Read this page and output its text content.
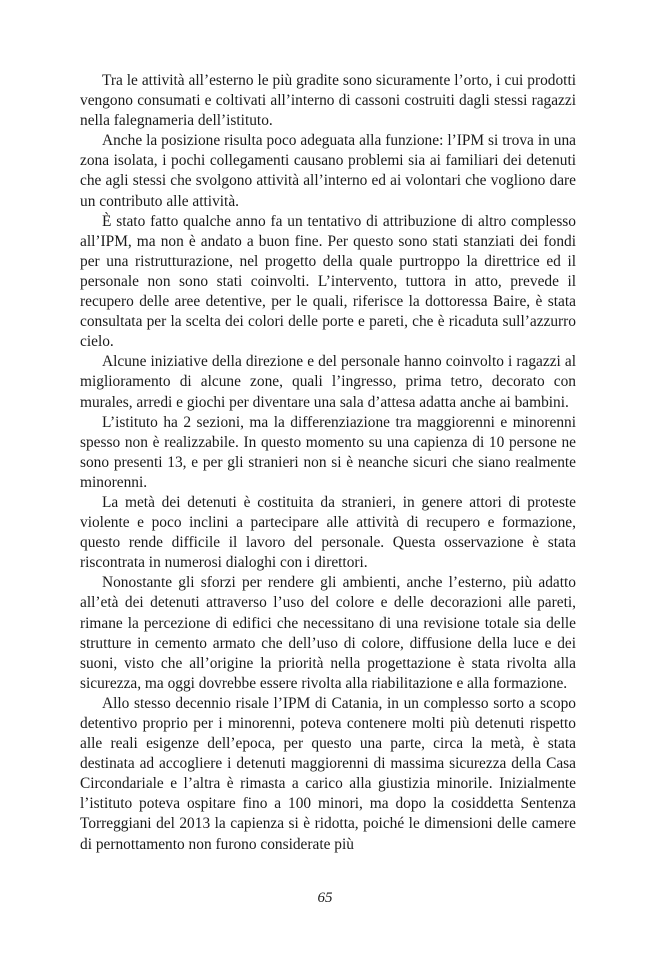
Tra le attività all’esterno le più gradite sono sicuramente l’orto, i cui prodotti vengono consumati e coltivati all’interno di cassoni costruiti dagli stessi ragazzi nella falegnameria dell’istituto.

Anche la posizione risulta poco adeguata alla funzione: l’IPM si trova in una zona isolata, i pochi collegamenti causano problemi sia ai familiari dei detenuti che agli stessi che svolgono attività all’interno ed ai volontari che vogliono dare un contributo alle attività.

È stato fatto qualche anno fa un tentativo di attribuzione di altro complesso all’IPM, ma non è andato a buon fine. Per questo sono stati stanziati dei fondi per una ristrutturazione, nel progetto della quale purtroppo la direttrice ed il personale non sono stati coinvolti. L’intervento, tuttora in atto, prevede il recupero delle aree detentive, per le quali, riferisce la dottoressa Baire, è stata consultata per la scelta dei colori delle porte e pareti, che è ricaduta sull’azzurro cielo.

Alcune iniziative della direzione e del personale hanno coinvolto i ragazzi al miglioramento di alcune zone, quali l’ingresso, prima tetro, decorato con murales, arredi e giochi per diventare una sala d’attesa adatta anche ai bambini.

L’istituto ha 2 sezioni, ma la differenziazione tra maggiorenni e minorenni spesso non è realizzabile. In questo momento su una capienza di 10 persone ne sono presenti 13, e per gli stranieri non si è neanche sicuri che siano realmente minorenni.

La metà dei detenuti è costituita da stranieri, in genere attori di proteste violente e poco inclini a partecipare alle attività di recupero e formazione, questo rende difficile il lavoro del personale. Questa osservazione è stata riscontrata in numerosi dialoghi con i direttori.

Nonostante gli sforzi per rendere gli ambienti, anche l’esterno, più adatto all’età dei detenuti attraverso l’uso del colore e delle decorazioni alle pareti, rimane la percezione di edifici che necessitano di una revisione totale sia delle strutture in cemento armato che dell’uso di colore, diffusione della luce e dei suoni, visto che all’origine la priorità nella progettazione è stata rivolta alla sicurezza, ma oggi dovrebbe essere rivolta alla riabilitazione e alla formazione.

Allo stesso decennio risale l’IPM di Catania, in un complesso sorto a scopo detentivo proprio per i minorenni, poteva contenere molti più detenuti rispetto alle reali esigenze dell’epoca, per questo una parte, circa la metà, è stata destinata ad accogliere i detenuti maggiorenni di massima sicurezza della Casa Circondariale e l’altra è rimasta a carico alla giustizia minorile. Inizialmente l’istituto poteva ospitare fino a 100 minori, ma dopo la cosiddetta Sentenza Torreggiani del 2013 la capienza si è ridotta, poiché le dimensioni delle camere di pernottamento non furono considerate più

65
